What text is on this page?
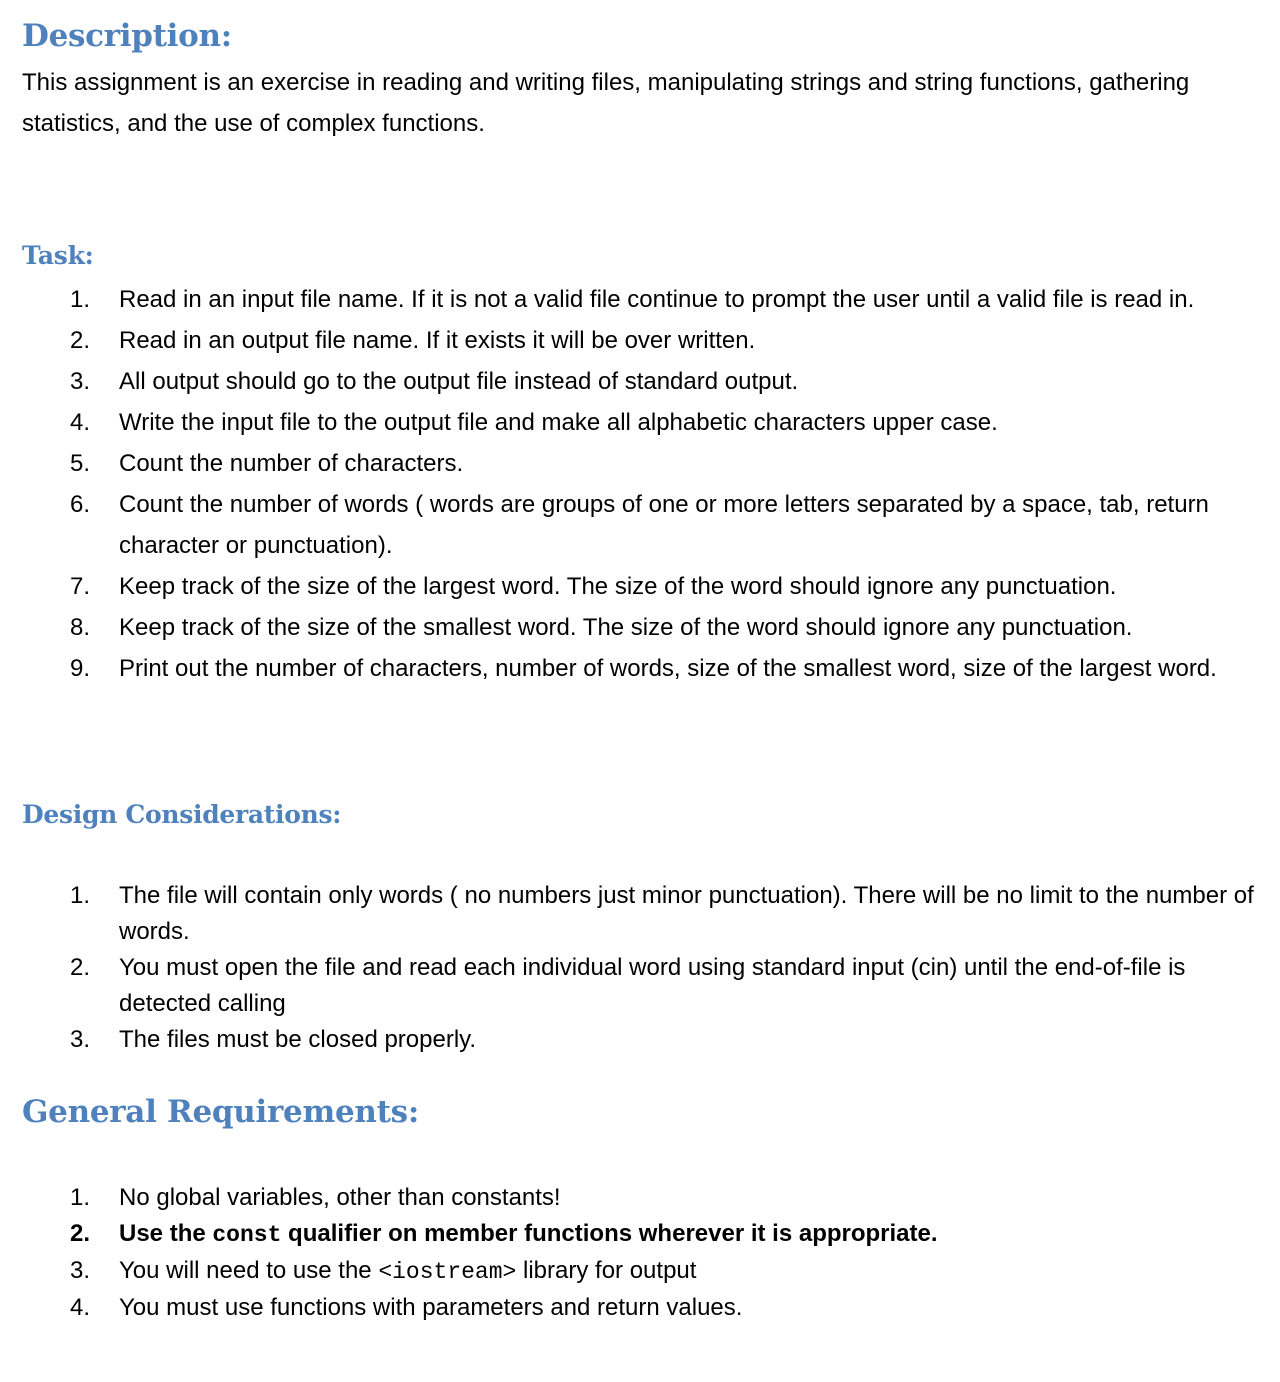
Description:

This assignment is an exercise in reading and writing files, manipulating strings and string functions, gathering statistics, and the use of complex functions.

Task:
1. Read in an input file name. If it is not a valid file continue to prompt the user until a valid file is read in.
2. Read in an output file name. If it exists it will be over written.
3. All output should go to the output file instead of standard output.
4. Write the input file to the output file and make all alphabetic characters upper case.
5. Count the number of characters.
6. Count the number of words ( words are groups of one or more letters separated by a space, tab, return character or punctuation).
7. Keep track of the size of the largest word. The size of the word should ignore any punctuation.
8. Keep track of the size of the smallest word. The size of the word should ignore any punctuation.
9. Print out the number of characters, number of words, size of the smallest word, size of the largest word.
Design Considerations:
1. The file will contain only words ( no numbers just minor punctuation). There will be no limit to the number of words.
2. You must open the file and read each individual word using standard input (cin) until the end-of-file is detected calling
3. The files must be closed properly.
General Requirements:
1. No global variables, other than constants!
2. Use the const qualifier on member functions wherever it is appropriate.
3. You will need to use the <iostream> library for output
4. You must use functions with parameters and return values.
